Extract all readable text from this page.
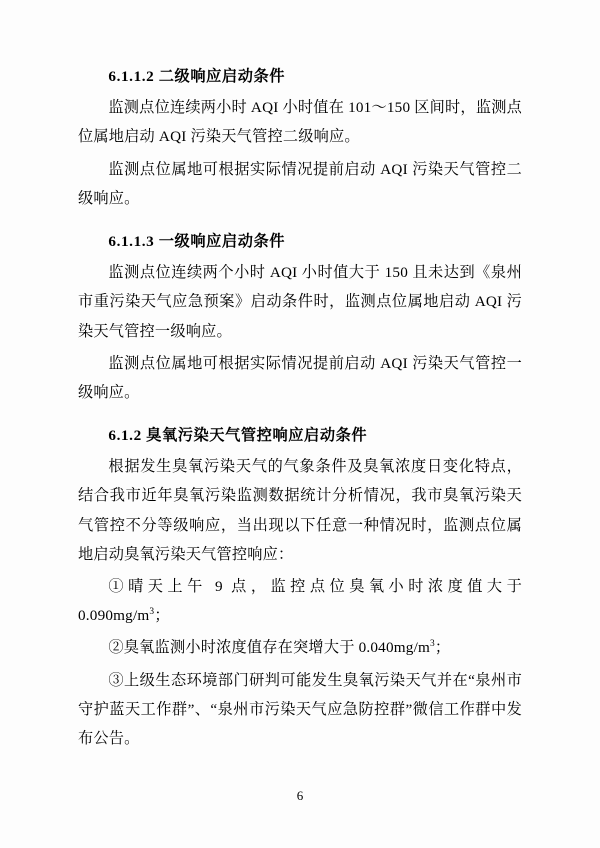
6.1.1.2 二级响应启动条件

监测点位连续两小时 AQI 小时值在 101～150 区间时，监测点位属地启动 AQI 污染天气管控二级响应。

监测点位属地可根据实际情况提前启动 AQI 污染天气管控二级响应。

6.1.1.3 一级响应启动条件

监测点位连续两个小时 AQI 小时值大于 150 且未达到《泉州市重污染天气应急预案》启动条件时，监测点位属地启动 AQI 污染天气管控一级响应。

监测点位属地可根据实际情况提前启动 AQI 污染天气管控一级响应。

6.1.2 臭氧污染天气管控响应启动条件

根据发生臭氧污染天气的气象条件及臭氧浓度日变化特点，结合我市近年臭氧污染监测数据统计分析情况，我市臭氧污染天气管控不分等级响应，当出现以下任意一种情况时，监测点位属地启动臭氧污染天气管控响应：

①晴天上午 9 点，监控点位臭氧小时浓度值大于 $0.090mg/m^3$；

②臭氧监测小时浓度值存在突增大于 $0.040mg/m^3$；

③上级生态环境部门研判可能发生臭氧污染天气并在“泉州市守护蓝天工作群”、“泉州市污染天气应急防控群”微信工作群中发布公告。

6
